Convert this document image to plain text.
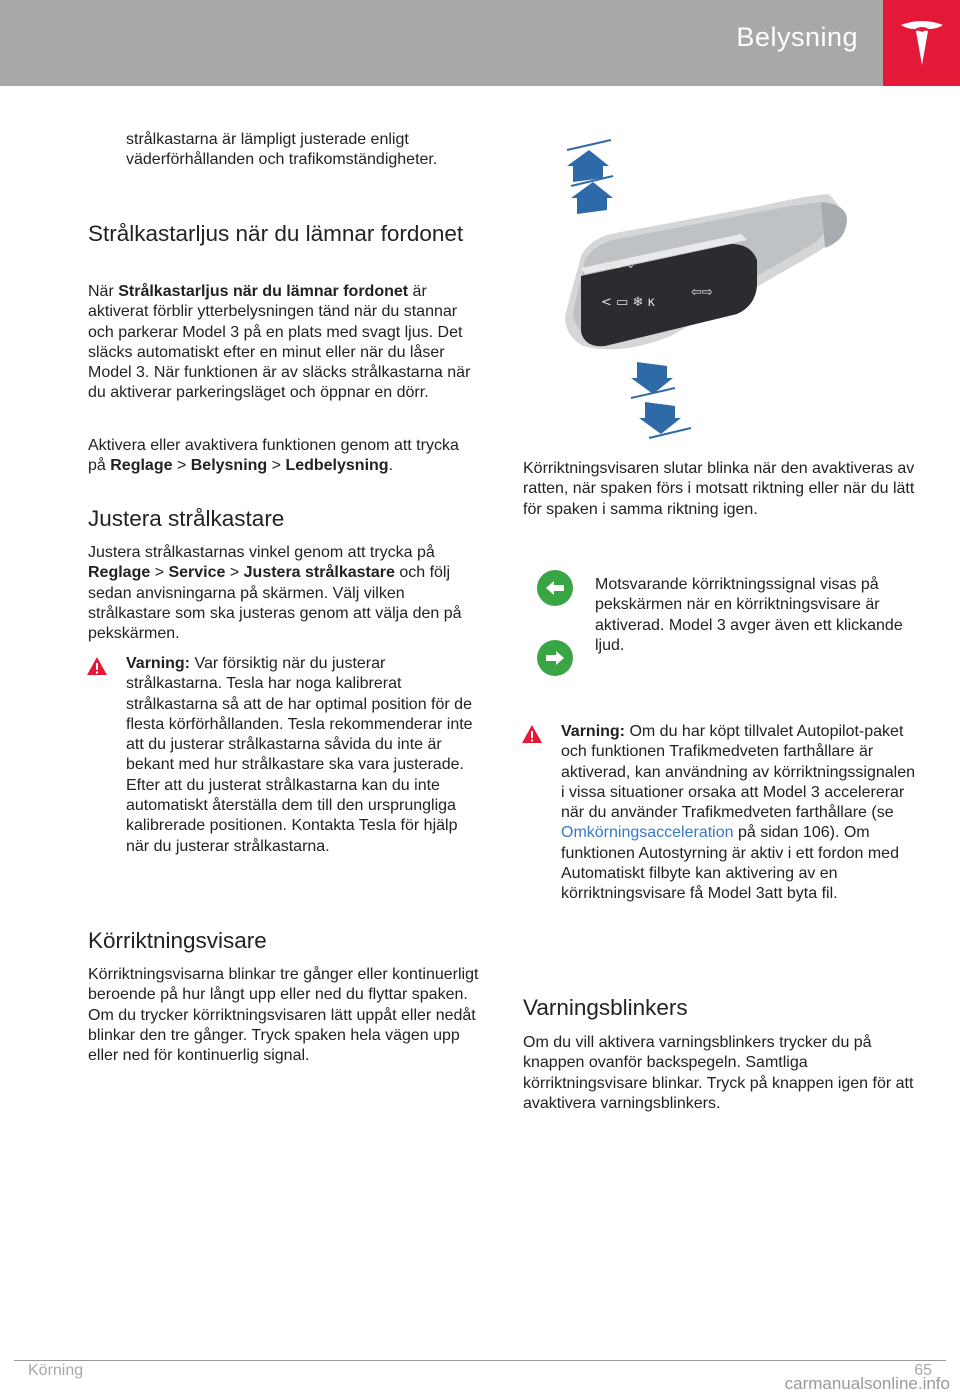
Belysning

strålkastarna är lämpligt justerade enligt väderförhållanden och trafikomständigheter.

Strålkastarljus när du lämnar fordonet

När Strålkastarljus när du lämnar fordonet är aktiverat förblir ytterbelysningen tänd när du stannar och parkerar Model 3 på en plats med svagt ljus. Det släcks automatiskt efter en minut eller när du låser Model 3. När funktionen är av släcks strålkastarna när du aktiverar parkeringsläget och öppnar en dörr.

Aktivera eller avaktivera funktionen genom att trycka på Reglage > Belysning > Ledbelysning.

Justera strålkastare

Justera strålkastarnas vinkel genom att trycka på Reglage > Service > Justera strålkastare och följ sedan anvisningarna på skärmen. Välj vilken strålkastare som ska justeras genom att välja den på pekskärmen.

Varning: Var försiktig när du justerar strålkastarna. Tesla har noga kalibrerat strålkastarna så att de har optimal position för de flesta körförhållanden. Tesla rekommenderar inte att du justerar strålkastarna såvida du inte är bekant med hur strålkastare ska vara justerade. Efter att du justerat strålkastarna kan du inte automatiskt återställa dem till den ursprungliga kalibrerade positionen. Kontakta Tesla för hjälp när du justerar strålkastarna.

Körriktningsvisare

Körriktningsvisarna blinkar tre gånger eller kontinuerligt beroende på hur långt upp eller ned du flyttar spaken. Om du trycker körriktningsvisaren lätt uppåt eller nedåt blinkar den tre gånger. Tryck spaken hela vägen upp eller ned för kontinuerlig signal.

< ▭ ❄ κ
⇦⇨
≡D ⌄

Körriktningsvisaren slutar blinka när den avaktiveras av ratten, när spaken förs i motsatt riktning eller när du lätt för spaken i samma riktning igen.

Motsvarande körriktningssignal visas på pekskärmen när en körriktningsvisare är aktiverad. Model 3 avger även ett klickande ljud.

Varning: Om du har köpt tillvalet Autopilot-paket och funktionen Trafikmedveten farthållare är aktiverad, kan användning av körriktningssignalen i vissa situationer orsaka att Model 3 accelererar när du använder Trafikmedveten farthållare (se Omkörningsacceleration på sidan 106). Om funktionen Autostyrning är aktiv i ett fordon med Automatiskt filbyte kan aktivering av en körriktningsvisare få Model 3att byta fil.

Varningsblinkers

Om du vill aktivera varningsblinkers trycker du på knappen ovanför backspegeln. Samtliga körriktningsvisare blinkar. Tryck på knappen igen för att avaktivera varningsblinkers.

Körning	65
carmanualsonline.info
